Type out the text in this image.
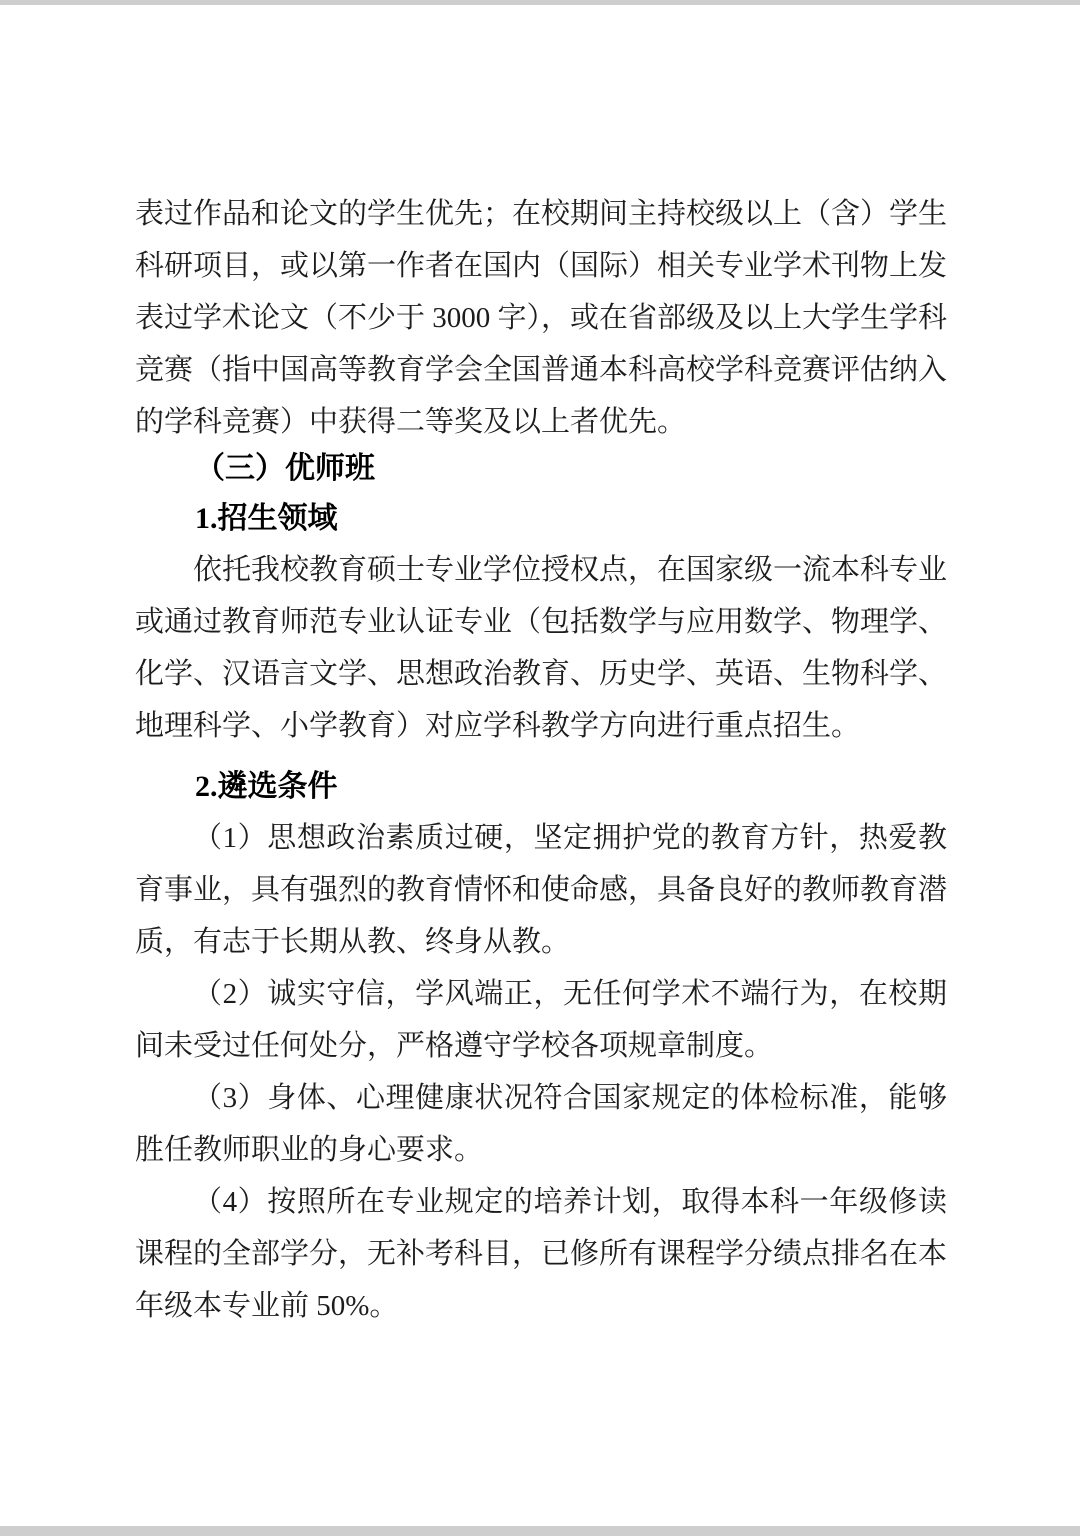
表过作品和论文的学生优先；在校期间主持校级以上（含）学生科研项目，或以第一作者在国内（国际）相关专业学术刊物上发表过学术论文（不少于 3000 字），或在省部级及以上大学生学科竞赛（指中国高等教育学会全国普通本科高校学科竞赛评估纳入的学科竞赛）中获得二等奖及以上者优先。

（三）优师班
1.招生领域

依托我校教育硕士专业学位授权点，在国家级一流本科专业或通过教育师范专业认证专业（包括数学与应用数学、物理学、化学、汉语言文学、思想政治教育、历史学、英语、生物科学、地理科学、小学教育）对应学科教学方向进行重点招生。

2.遴选条件

（1）思想政治素质过硬，坚定拥护党的教育方针，热爱教育事业，具有强烈的教育情怀和使命感，具备良好的教师教育潜质，有志于长期从教、终身从教。

（2）诚实守信，学风端正，无任何学术不端行为，在校期间未受过任何处分，严格遵守学校各项规章制度。

（3）身体、心理健康状况符合国家规定的体检标准，能够胜任教师职业的身心要求。

（4）按照所在专业规定的培养计划，取得本科一年级修读课程的全部学分，无补考科目，已修所有课程学分绩点排名在本年级本专业前 50%。
